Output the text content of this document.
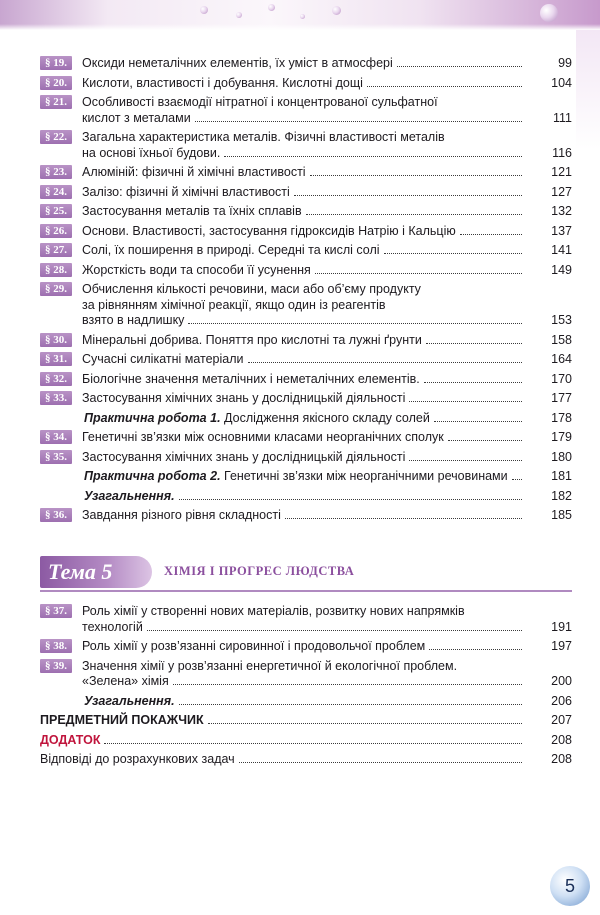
§ 19.	Оксиди неметалічних елементів, їх уміст в атмосфері	99
§ 20.	Кислоти, властивості і добування. Кислотні дощі	104
§ 21.	Особливості взаємодії нітратної і концентрованої сульфатної
кислот з металами	111
§ 22.	Загальна характеристика металів. Фізичні властивості металів
на основі їхньої будови.	116
§ 23.	Алюміній: фізичні й хімічні властивості	121
§ 24.	Залізо: фізичні й хімічні властивості	127
§ 25.	Застосування металів та їхніх сплавів	132
§ 26.	Основи. Властивості, застосування гідроксидів Натрію і Кальцію	137
§ 27.	Солі, їх поширення в природі. Середні та кислі солі	141
§ 28.	Жорсткість води та способи її усунення	149
§ 29.	Обчислення кількості речовини, маси або об’єму продукту
за рівнянням хімічної реакції, якщо один із реагентів
взято в надлишку	153
§ 30.	Мінеральні добрива. Поняття про кислотні та лужні ґрунти	158
§ 31.	Сучасні силікатні матеріали	164
§ 32.	Біологічне значення металічних і неметалічних елементів.	170
§ 33.	Застосування хімічних знань у дослідницькій діяльності	177
Практична робота 1. Дослідження якісного складу солей	178
§ 34.	Генетичні зв’язки між основними класами неорганічних сполук	179
§ 35.	Застосування хімічних знань у дослідницькій діяльності	180
Практична робота 2. Генетичні зв’язки між неорганічними речовинами	181
Узагальнення.	182
§ 36.	Завдання різного рівня складності	185
Тема 5	ХІМІЯ І ПРОГРЕС ЛЮДСТВА
§ 37.	Роль хімії у створенні нових матеріалів, розвитку нових напрямків
технологій	191
§ 38.	Роль хімії у розв’язанні сировинної і продовольчої проблем	197
§ 39.	Значення хімії у розв’язанні енергетичної й екологічної проблем.
«Зелена» хімія	200
Узагальнення.	206
ПРЕДМЕТНИЙ ПОКАЖЧИК	207
ДОДАТОК	208
Відповіді до розрахункових задач	208
5
